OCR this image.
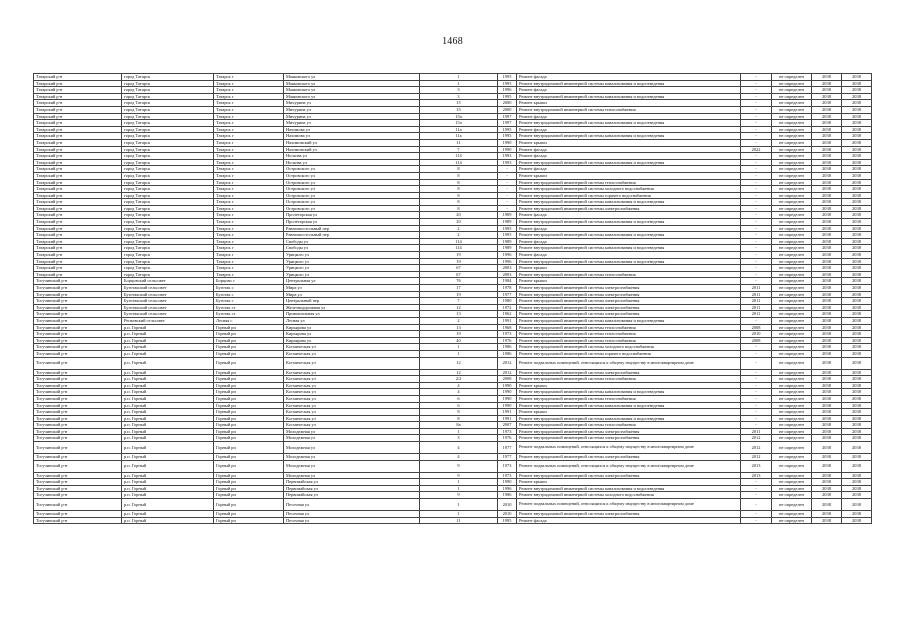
1468
Татарский р-н	город Татарск	Татарск г	Маяковского ул	1	1995	Ремонт фасада	-	не определен	2038	2038
Татарский р-н	город Татарск	Татарск г	Маяковского ул	1	1995	Ремонт внутридомовой инженерной системы канализования и водоотведения	-	не определен	2038	2038
Татарский р-н	город Татарск	Татарск г	Маяковского ул	3	1996	Ремонт фасада	-	не определен	2038	2038
Татарский р-н	город Татарск	Татарск г	Маяковского ул	3	1995	Ремонт внутридомовой инженерной системы канализования и водоотведения	-	не определен	2038	2038
Татарский р-н	город Татарск	Татарск г	Мичурина ул	15	2000	Ремонт крыши	-	не определен	2038	2038
Татарский р-н	город Татарск	Татарск г	Мичурина ул	15	2000	Ремонт внутридомовой инженерной системы теплоснабжения	-	не определен	2038	2038
Татарский р-н	город Татарск	Татарск г	Мичурина ул	15а	1997	Ремонт фасада	-	не определен	2038	2038
Татарский р-н	город Татарск	Татарск г	Мичурина ул	15а	1997	Ремонт внутридомовой инженерной системы канализования и водоотведения	-	не определен	2038	2038
Татарский р-н	город Татарск	Татарск г	Нахимова ул	11а	1995	Ремонт фасада	-	не определен	2038	2038
Татарский р-н	город Татарск	Татарск г	Нахимова ул	11а	1995	Ремонт внутридомовой инженерной системы канализования и водоотведения	-	не определен	2038	2038
Татарский р-н	город Татарск	Татарск г	Нахимовский ул	11	1990	Ремонт крыши	-	не определен	2038	2038
Татарский р-н	город Татарск	Татарск г	Нахимовский ул	7	1990	Ремонт фасада	2022	не определен	2038	2038
Татарский р-н	город Татарск	Татарск г	Носкова ул	114	1993	Ремонт фасада	-	не определен	2038	2038
Татарский р-н	город Татарск	Татарск г	Носкова ул	114	1993	Ремонт внутридомовой инженерной системы канализования и водоотведения	-	не определен	2038	2038
Татарский р-н	город Татарск	Татарск г	Островского ул	8	-	Ремонт фасада	-	не определен	2038	2038
Татарский р-н	город Татарск	Татарск г	Островского ул	8	-	Ремонт крыши	-	не определен	2038	2038
Татарский р-н	город Татарск	Татарск г	Островского ул	8	-	Ремонт внутридомовой инженерной системы теплоснабжения	-	не определен	2038	2038
Татарский р-н	город Татарск	Татарск г	Островского ул	8	-	Ремонт внутридомовой инженерной системы холодного водоснабжения	-	не определен	2038	2038
Татарский р-н	город Татарск	Татарск г	Островского ул	8	-	Ремонт внутридомовой инженерной системы горячего водоснабжения	-	не определен	2038	2038
Татарский р-н	город Татарск	Татарск г	Островского ул	8	-	Ремонт внутридомовой инженерной системы канализования и водоотведения	-	не определен	2038	2038
Татарский р-н	город Татарск	Татарск г	Островского ул	8	-	Ремонт внутридомовой инженерной системы электроснабжения	-	не определен	2038	2038
Татарский р-н	город Татарск	Татарск г	Пролетарская ул	20	1989	Ремонт фасада	-	не определен	2038	2038
Татарский р-н	город Татарск	Татарск г	Пролетарская ул	20	1989	Ремонт внутридомовой инженерной системы канализования и водоотведения	-	не определен	2038	2038
Татарский р-н	город Татарск	Татарск г	Равноапостольный пер	2	1995	Ремонт фасада	-	не определен	2038	2038
Татарский р-н	город Татарск	Татарск г	Равноапостольный пер	2	1995	Ремонт внутридомовой инженерной системы канализования и водоотведения	-	не определен	2038	2038
Татарский р-н	город Татарск	Татарск г	Свободы ул	114	1989	Ремонт фасада	-	не определен	2038	2038
Татарский р-н	город Татарск	Татарск г	Свободы ул	114	1989	Ремонт внутридомовой инженерной системы канализования и водоотведения	-	не определен	2038	2038
Татарский р-н	город Татарск	Татарск г	Урицкого ул	19	1996	Ремонт фасада	-	не определен	2038	2038
Татарский р-н	город Татарск	Татарск г	Урицкого ул	19	1996	Ремонт внутридомовой инженерной системы канализования и водоотведения	-	не определен	2038	2038
Татарский р-н	город Татарск	Татарск г	Урицкого ул	67	2003	Ремонт крыши	-	не определен	2038	2038
Татарский р-н	город Татарск	Татарск г	Урицкого ул	67	2003	Ремонт внутридомовой инженерной системы теплоснабжения	-	не определен	2038	2038
Тогучинский р-н	Борцовский сельсовет	Борцово с	Центральная ул	76	1984	Ремонт крыши	-	не определен	2038	2038
Тогучинский р-н	Буготакский сельсовет	Буготак с	Мира ул	17	1978	Ремонт внутридомовой инженерной системы электроснабжения	2011	не определен	2038	2038
Тогучинский р-н	Буготакский сельсовет	Буготак с	Мира ул	19	1977	Ремонт внутридомовой инженерной системы электроснабжения	2011	не определен	2038	2038
Тогучинский р-н	Буготакский сельсовет	Буготак с	Центральный пер	7	1980	Ремонт внутридомовой инженерной системы электроснабжения	2011	не определен	2038	2038
Тогучинский р-н	Буготакский сельсовет	Буготак ст	Железнодорожная ул	12	1972	Ремонт внутридомовой инженерной системы электроснабжения	2011	не определен	2038	2038
Тогучинский р-н	Буготакский сельсовет	Буготак ст	Привокзальная ул	13	1962	Ремонт внутридомовой инженерной системы электроснабжения	2011	не определен	2038	2038
Тогучинский р-н	Репьевский сельсовет	Лесная с	Лесная ул	2	1991	Ремонт внутридомовой инженерной системы канализования и водоотведения	-	не определен	2038	2038
Тогучинский р-н	р.п. Горный	Горный рп	Кирьярова ул	13	1968	Ремонт внутридомовой инженерной системы теплоснабжения	2008	не определен	2038	2038
Тогучинский р-н	р.п. Горный	Горный рп	Кирьярова ул	19	1973	Ремонт внутридомовой инженерной системы теплоснабжения	2010	не определен	2038	2038
Тогучинский р-н	р.п. Горный	Горный рп	Кирьярова ул	40	1976	Ремонт внутридомовой инженерной системы теплоснабжения	2008	не определен	2038	2038
Тогучинский р-н	р.п. Горный	Горный рп	Космическая ул	1	1986	Ремонт внутридомовой инженерной системы холодного водоснабжения	-	не определен	2038	2038
Тогучинский р-н	р.п. Горный	Горный рп	Космическая ул	1	1986	Ремонт внутридомовой инженерной системы горячего водоснабжения	-	не определен	2038	2038
Тогучинский р-н	р.п. Горный	Горный рп	Космическая ул	12	2012	Ремонт подвальных помещений, относящихся к общему имуществу в многоквартирном доме	-	не определен	2038	2038
Тогучинский р-н	р.п. Горный	Горный рп	Космическая ул	12	2012	Ремонт внутридомовой инженерной системы электроснабжения	-	не определен	2038	2038
Тогучинский р-н	р.п. Горный	Горный рп	Космическая ул	2/2	2008	Ремонт внутридомовой инженерной системы теплоснабжения	-	не определен	2038	2038
Тогучинский р-н	р.п. Горный	Горный рп	Космическая ул	4	1990	Ремонт крыши	-	не определен	2038	2038
Тогучинский р-н	р.п. Горный	Горный рп	Космическая ул	4	1990	Ремонт внутридомовой инженерной системы канализования и водоотведения	-	не определен	2038	2038
Тогучинский р-н	р.п. Горный	Горный рп	Космическая ул	6	1990	Ремонт внутридомовой инженерной системы теплоснабжения	-	не определен	2038	2038
Тогучинский р-н	р.п. Горный	Горный рп	Космическая ул	6	1990	Ремонт внутридомовой инженерной системы канализования и водоотведения	-	не определен	2038	2038
Тогучинский р-н	р.п. Горный	Горный рп	Космическая ул	8	1991	Ремонт крыши	-	не определен	2038	2038
Тогучинский р-н	р.п. Горный	Горный рп	Космическая ул	8	1991	Ремонт внутридомовой инженерной системы канализования и водоотведения	-	не определен	2038	2038
Тогучинский р-н	р.п. Горный	Горный рп	Космическая ул	8а	2007	Ремонт внутридомовой инженерной системы теплоснабжения	-	не определен	2038	2038
Тогучинский р-н	р.п. Горный	Горный рп	Молодежная ул	1	1973	Ремонт внутридомовой инженерной системы электроснабжения	2011	не определен	2038	2038
Тогучинский р-н	р.п. Горный	Горный рп	Молодежная ул	3	1976	Ремонт внутридомовой инженерной системы электроснабжения	2012	не определен	2038	2038
Тогучинский р-н	р.п. Горный	Горный рп	Молодежная ул	4	1977	Ремонт подвальных помещений, относящихся к общему имуществу в многоквартирном доме	2012	не определен	2038	2038
Тогучинский р-н	р.п. Горный	Горный рп	Молодежная ул	4	1977	Ремонт внутридомовой инженерной системы электроснабжения	2012	не определен	2038	2038
Тогучинский р-н	р.п. Горный	Горный рп	Молодежная ул	9	1973	Ремонт подвальных помещений, относящихся к общему имуществу в многоквартирном доме	2013	не определен	2038	2038
Тогучинский р-н	р.п. Горный	Горный рп	Молодежная ул	9	1973	Ремонт внутридомовой инженерной системы электроснабжения	2013	не определен	2038	2038
Тогучинский р-н	р.п. Горный	Горный рп	Первомайская ул	1	1990	Ремонт крыши	-	не определен	2038	2038
Тогучинский р-н	р.п. Горный	Горный рп	Первомайская ул	1	1996	Ремонт внутридомовой инженерной системы канализования и водоотведения	-	не определен	2038	2038
Тогучинский р-н	р.п. Горный	Горный рп	Первомайская ул	9	1986	Ремонт внутридомовой инженерной системы холодного водоснабжения	-	не определен	2038	2038
Тогучинский р-н	р.п. Горный	Горный рп	Песочная ул	1	2010	Ремонт подвальных помещений, относящихся к общему имуществу в многоквартирном доме	-	не определен	2038	2038
Тогучинский р-н	р.п. Горный	Горный рп	Песочная ул	1	2010	Ремонт внутридомовой инженерной системы электроснабжения	-	не определен	2038	2038
Тогучинский р-н	р.п. Горный	Горный рп	Песочная ул	11	1995	Ремонт фасада	-	не определен	2038	2038
